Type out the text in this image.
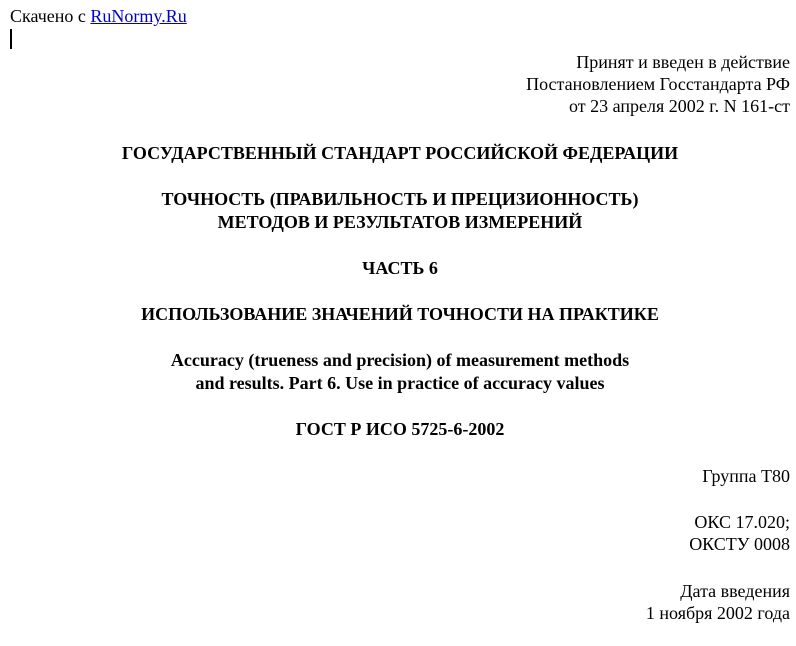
Скачено с RuNormy.Ru
Принят и введен в действие
Постановлением Госстандарта РФ
от 23 апреля 2002 г. N 161-ст
ГОСУДАРСТВЕННЫЙ СТАНДАРТ РОССИЙСКОЙ ФЕДЕРАЦИИ
ТОЧНОСТЬ (ПРАВИЛЬНОСТЬ И ПРЕЦИЗИОННОСТЬ)
МЕТОДОВ И РЕЗУЛЬТАТОВ ИЗМЕРЕНИЙ
ЧАСТЬ 6
ИСПОЛЬЗОВАНИЕ ЗНАЧЕНИЙ ТОЧНОСТИ НА ПРАКТИКЕ
Accuracy (trueness and precision) of measurement methods
and results. Part 6. Use in practice of accuracy values
ГОСТ Р ИСО 5725-6-2002
Группа Т80
ОКС 17.020;
ОКСТУ 0008
Дата введения
1 ноября 2002 года
